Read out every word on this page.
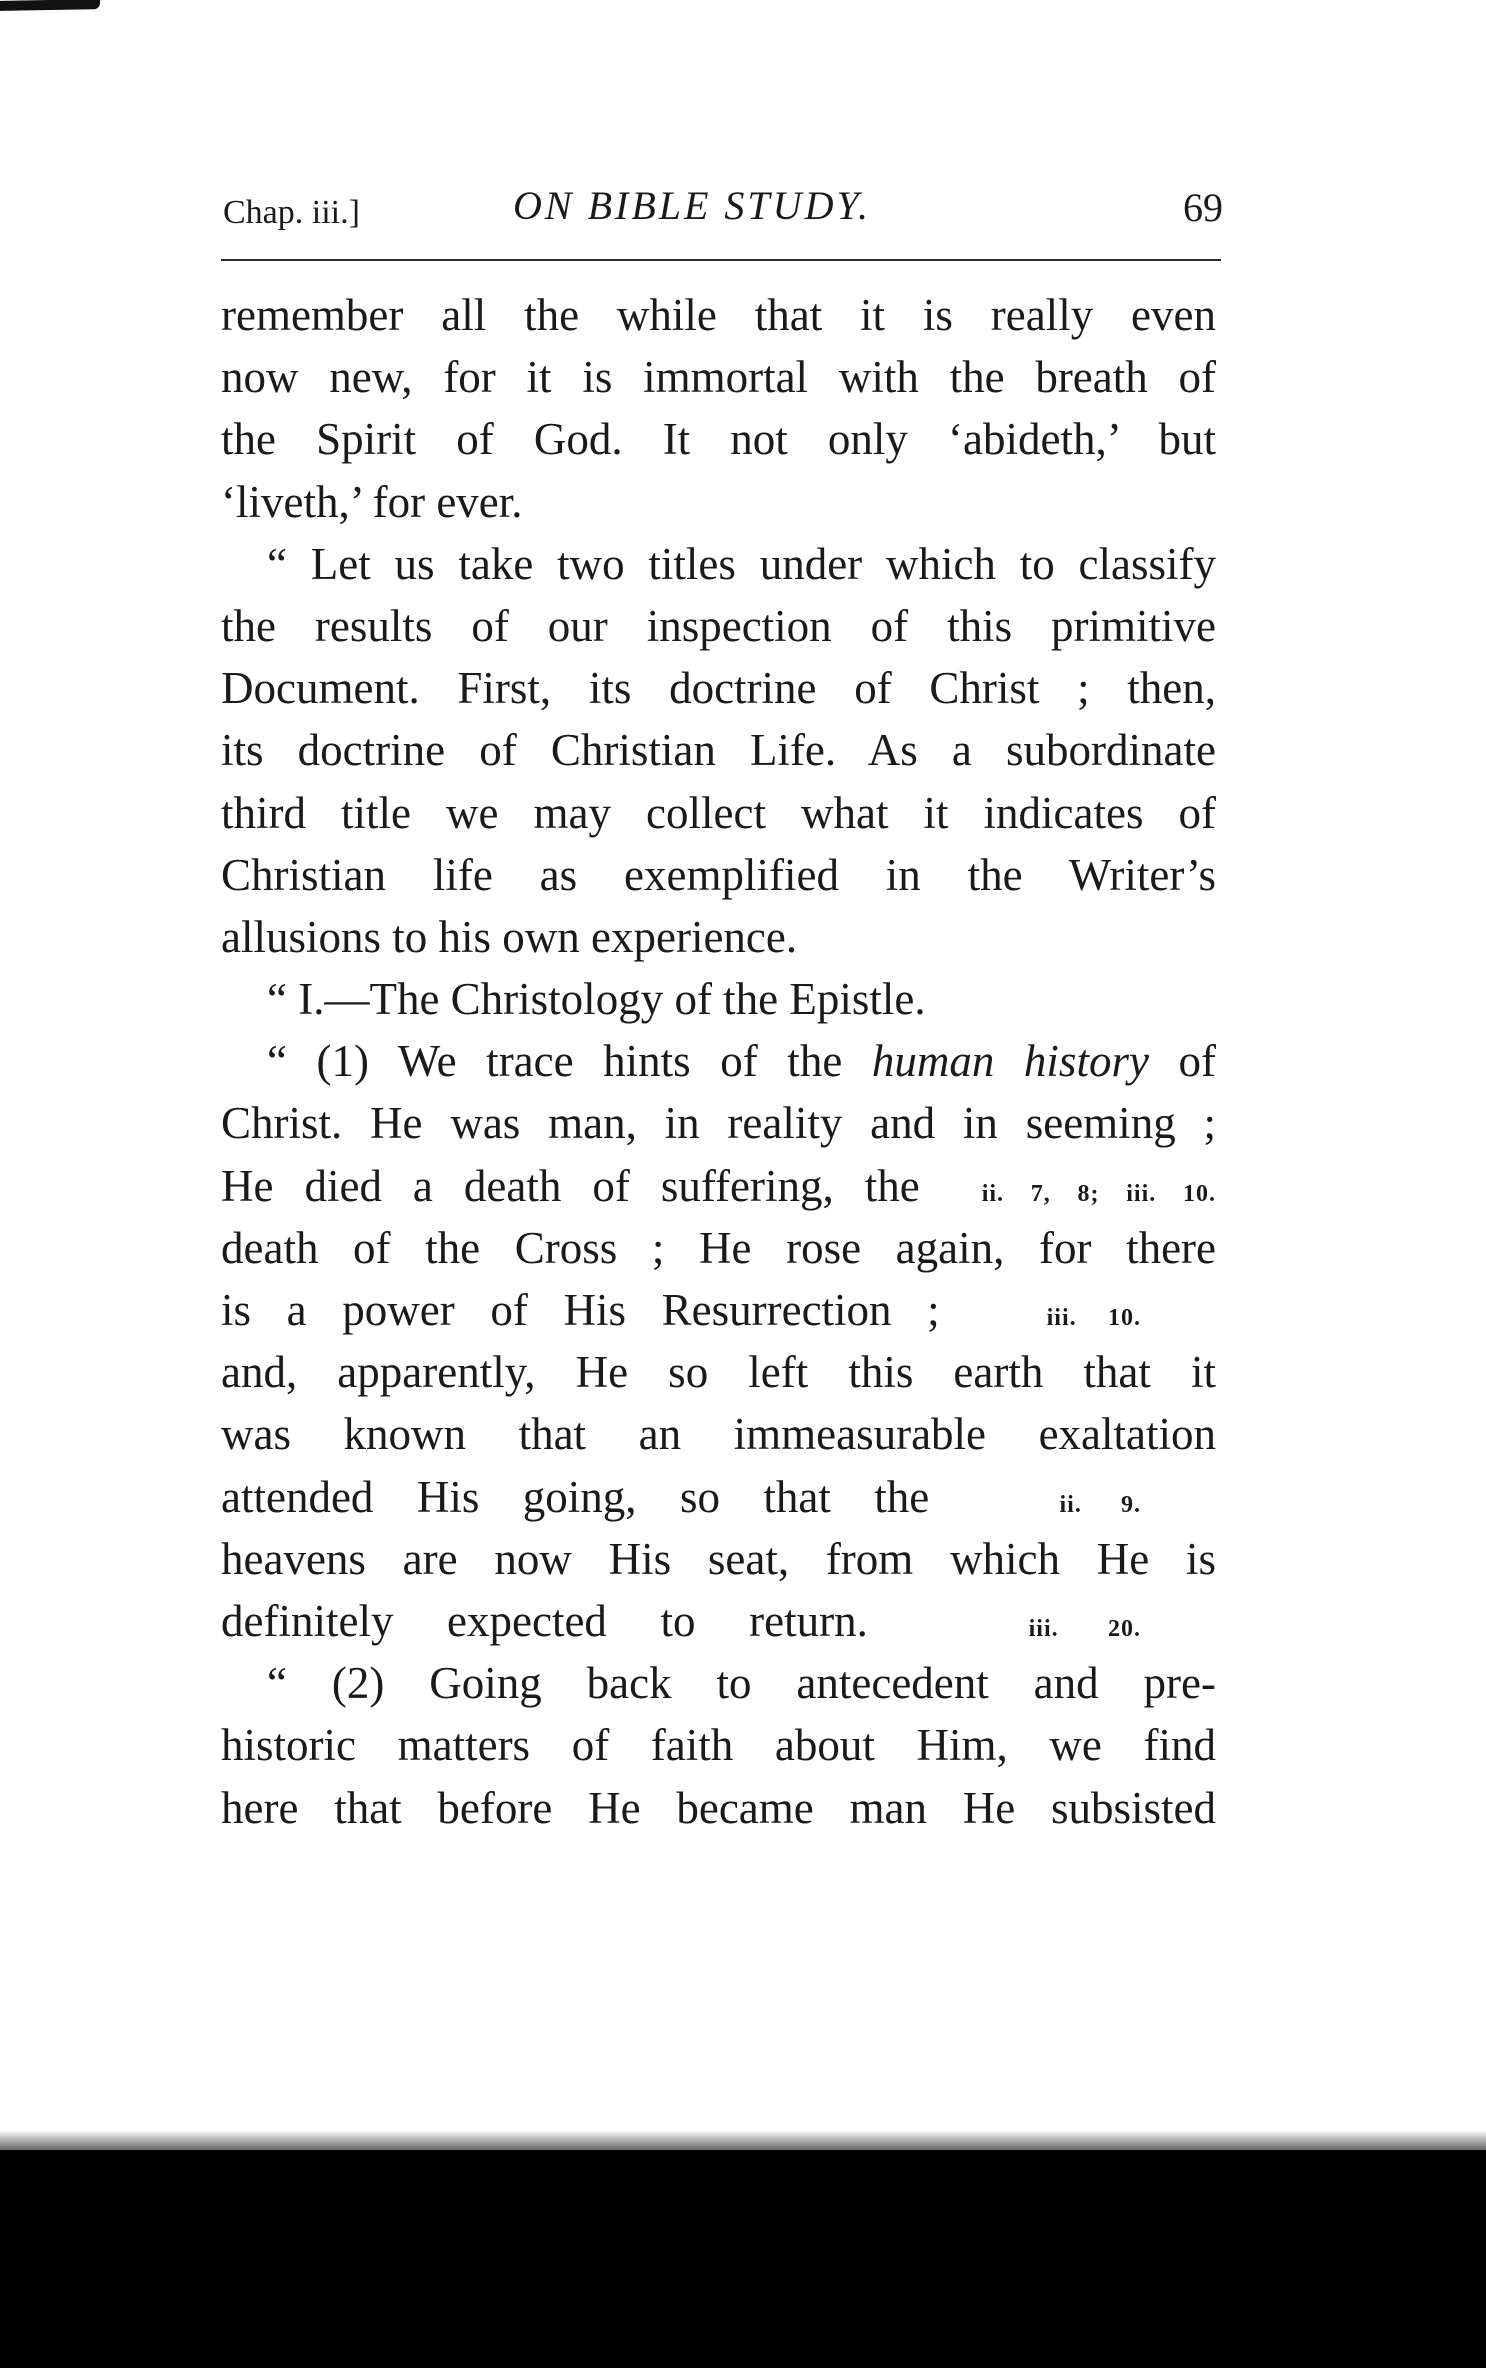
Chap. iii.]	ON BIBLE STUDY.	69
remember all the while that it is really even
now new, for it is immortal with the breath of
the Spirit of God. It not only ‘abideth,’ but
‘liveth,’ for ever.
“ Let us take two titles under which to classify
the results of our inspection of this primitive
Document. First, its doctrine of Christ ; then,
its doctrine of Christian Life. As a subordinate
third title we may collect what it indicates of
Christian life as exemplified in the Writer’s
allusions to his own experience.
“ I.—The Christology of the Epistle.
“ (1) We trace hints of the human history of
Christ. He was man, in reality and in seeming ;
He died a death of suffering, the	ii. 7, 8; iii. 10.
death of the Cross ; He rose again, for there
is a power of His Resurrection ;	iii. 10.
and, apparently, He so left this earth that it
was known that an immeasurable exaltation
attended His going, so that the	ii. 9.
heavens are now His seat, from which He is
definitely expected to return.	iii. 20.
“ (2) Going back to antecedent and pre-
historic matters of faith about Him, we find
here that before He became man He subsisted
